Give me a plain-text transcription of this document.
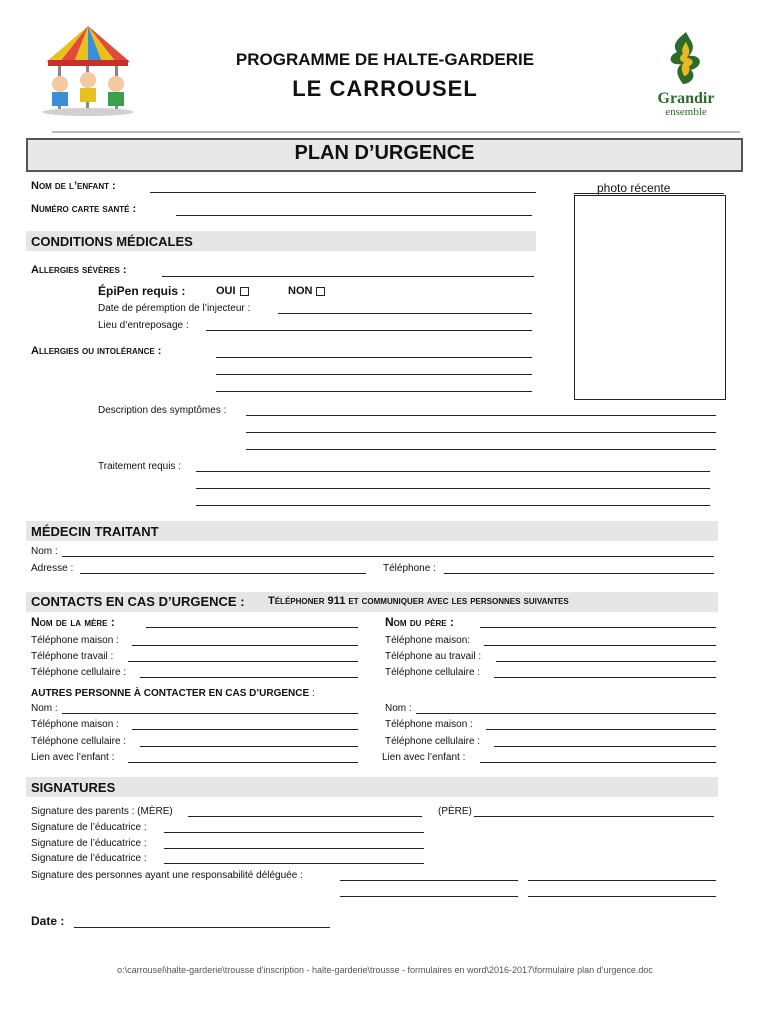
PROGRAMME DE HALTE-GARDERIE
LE CARROUSEL	Grandir
ensemble
PLAN D’URGENCE
Nom de l’enfant :
Numéro carte santé :
photo récente
CONDITIONS MÉDICALES
Allergies sévères :
ÉpiPen requis :	OUI	NON
Date de péremption de l’injecteur :
Lieu d’entreposage :
Allergies ou intolérance :
Description des symptômes :
Traitement requis :
MÉDECIN TRAITANT
Nom :
Adresse :	Téléphone :
CONTACTS EN CAS D’URGENCE : Téléphoner 911 et communiquer avec les personnes suivantes
Nom de la mère :	Nom du père :
Téléphone maison :
Téléphone travail :
Téléphone cellulaire :
Téléphone maison:
Téléphone au travail :
Téléphone cellulaire :
AUTRES PERSONNE À CONTACTER EN CAS D’URGENCE :
Nom :
Téléphone maison :
Téléphone cellulaire :
Lien avec l’enfant :
Nom :
Téléphone maison :
Téléphone cellulaire :
Lien avec l’enfant :
SIGNATURES
Signature des parents : (MÈRE)	(PÈRE)
Signature de l’éducatrice :
Signature de l’éducatrice :
Signature de l’éducatrice :
Signature des personnes ayant une responsabilité déléguée :
Date :
o:\carrousel\halte-garderie\trousse d'inscription - halte-garderie\trousse - formulaires en word\2016-2017\formulaire plan d'urgence.doc
